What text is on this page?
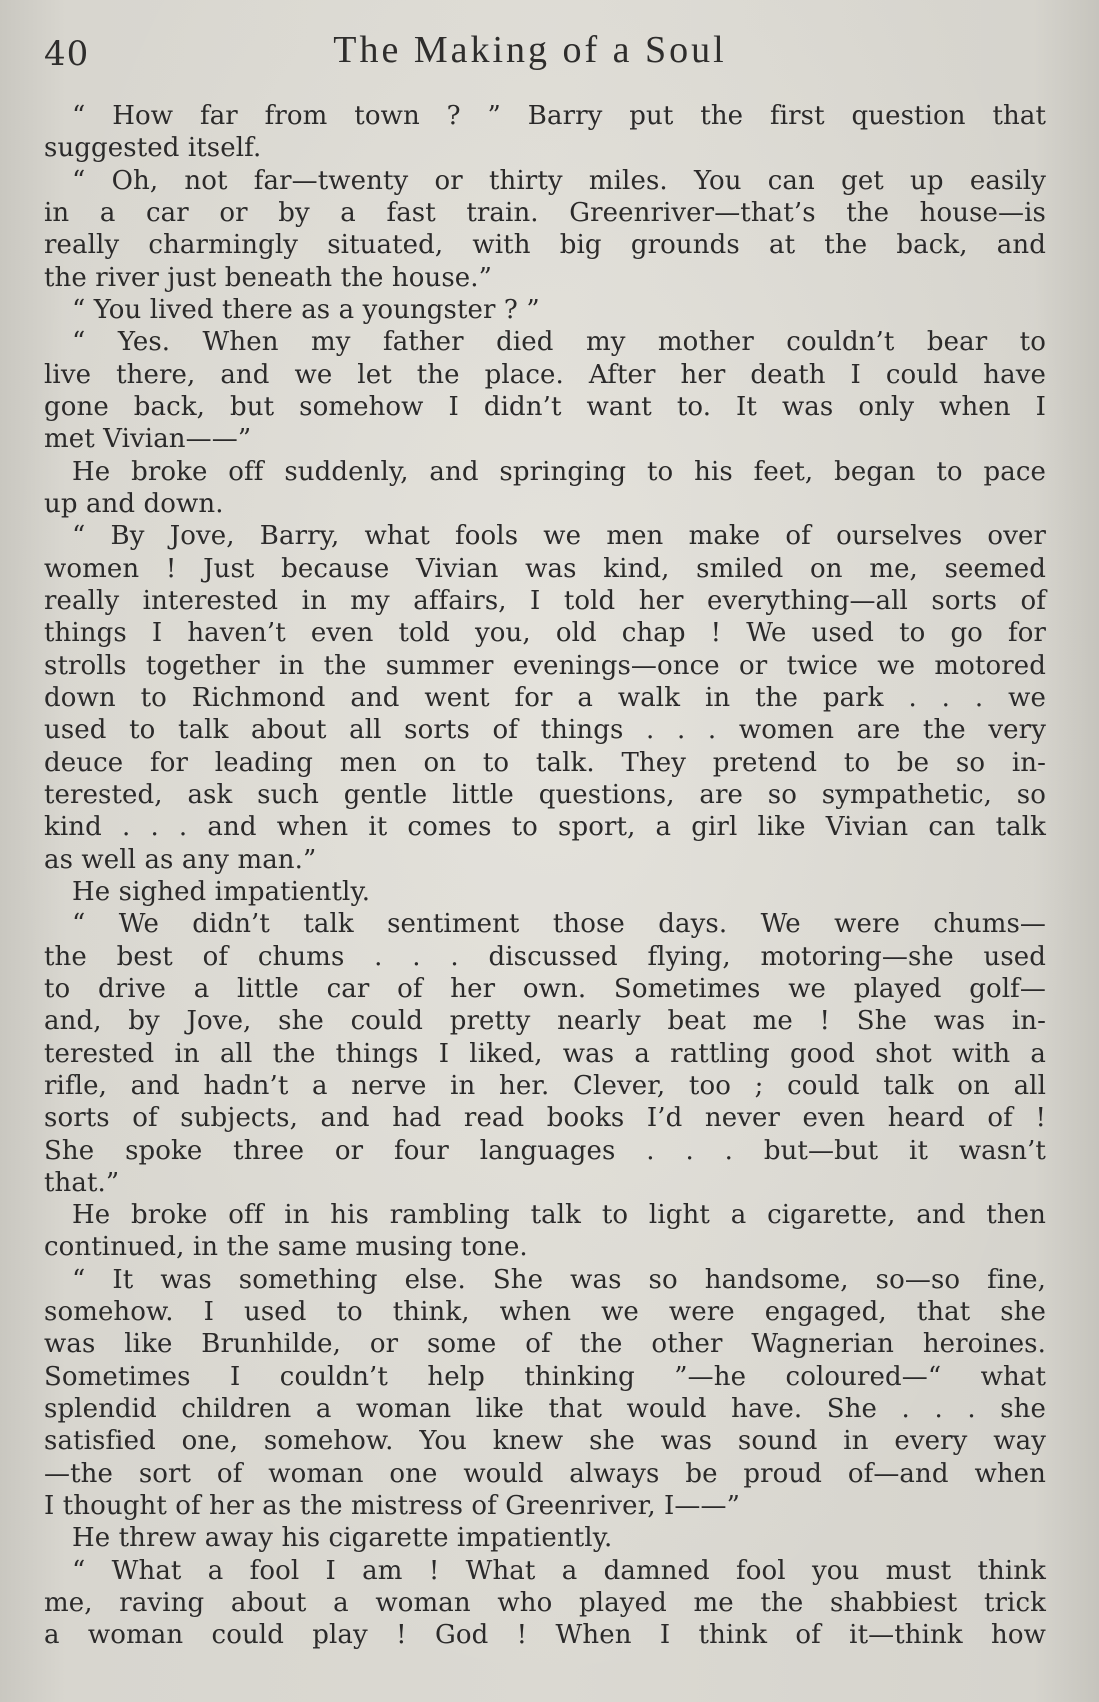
40	The Making of a Soul
“ How far from town ? ” Barry put the first question that
suggested itself.
“ Oh, not far—twenty or thirty miles. You can get up easily
in a car or by a fast train. Greenriver—that’s the house—is
really charmingly situated, with big grounds at the back, and
the river just beneath the house.”
“ You lived there as a youngster ? ”
“ Yes. When my father died my mother couldn’t bear to
live there, and we let the place. After her death I could have
gone back, but somehow I didn’t want to. It was only when I
met Vivian——”
He broke off suddenly, and springing to his feet, began to pace
up and down.
“ By Jove, Barry, what fools we men make of ourselves over
women ! Just because Vivian was kind, smiled on me, seemed
really interested in my affairs, I told her everything—all sorts of
things I haven’t even told you, old chap ! We used to go for
strolls together in the summer evenings—once or twice we motored
down to Richmond and went for a walk in the park . . . we
used to talk about all sorts of things . . . women are the very
deuce for leading men on to talk. They pretend to be so in-
terested, ask such gentle little questions, are so sympathetic, so
kind . . . and when it comes to sport, a girl like Vivian can talk
as well as any man.”
He sighed impatiently.
“ We didn’t talk sentiment those days. We were chums—
the best of chums . . . discussed flying, motoring—she used
to drive a little car of her own. Sometimes we played golf—
and, by Jove, she could pretty nearly beat me ! She was in-
terested in all the things I liked, was a rattling good shot with a
rifle, and hadn’t a nerve in her. Clever, too ; could talk on all
sorts of subjects, and had read books I’d never even heard of !
She spoke three or four languages . . . but—but it wasn’t
that.”
He broke off in his rambling talk to light a cigarette, and then
continued, in the same musing tone.
“ It was something else. She was so handsome, so—so fine,
somehow. I used to think, when we were engaged, that she
was like Brunhilde, or some of the other Wagnerian heroines.
Sometimes I couldn’t help thinking ”—he coloured—“ what
splendid children a woman like that would have. She . . . she
satisfied one, somehow. You knew she was sound in every way
—the sort of woman one would always be proud of—and when
I thought of her as the mistress of Greenriver, I——”
He threw away his cigarette impatiently.
“ What a fool I am ! What a damned fool you must think
me, raving about a woman who played me the shabbiest trick
a woman could play ! God ! When I think of it—think how
